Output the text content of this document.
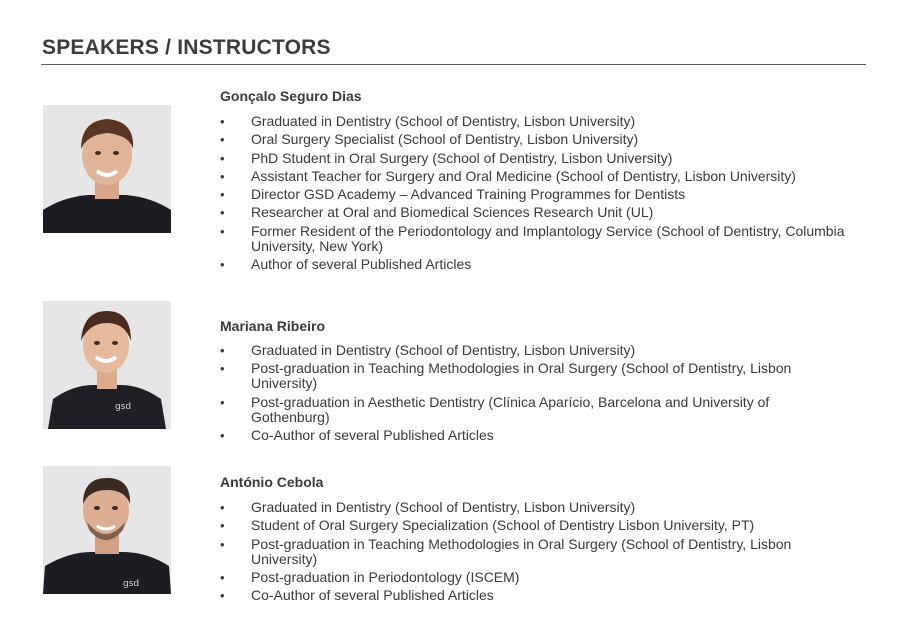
SPEAKERS / INSTRUCTORS
Gonçalo Seguro Dias
• Graduated in Dentistry (School of Dentistry, Lisbon University)
• Oral Surgery Specialist (School of Dentistry, Lisbon University)
• PhD Student in Oral Surgery (School of Dentistry, Lisbon University)
• Assistant Teacher for Surgery and Oral Medicine (School of Dentistry, Lisbon University)
• Director GSD Academy – Advanced Training Programmes for Dentists
• Researcher at Oral and Biomedical Sciences Research Unit (UL)
• Former Resident of the Periodontology and Implantology Service (School of Dentistry, Columbia University, New York)
• Author of several Published Articles
gsd
Mariana Ribeiro
• Graduated in Dentistry (School of Dentistry, Lisbon University)
• Post-graduation in Teaching Methodologies in Oral Surgery (School of Dentistry, Lisbon University)
• Post-graduation in Aesthetic Dentistry (Clínica Aparício, Barcelona and University of Gothenburg)
• Co-Author of several Published Articles
gsd
António Cebola
• Graduated in Dentistry (School of Dentistry, Lisbon University)
• Student of Oral Surgery Specialization (School of Dentistry Lisbon University, PT)
• Post-graduation in Teaching Methodologies in Oral Surgery (School of Dentistry, Lisbon University)
• Post-graduation in Periodontology (ISCEM)
• Co-Author of several Published Articles
